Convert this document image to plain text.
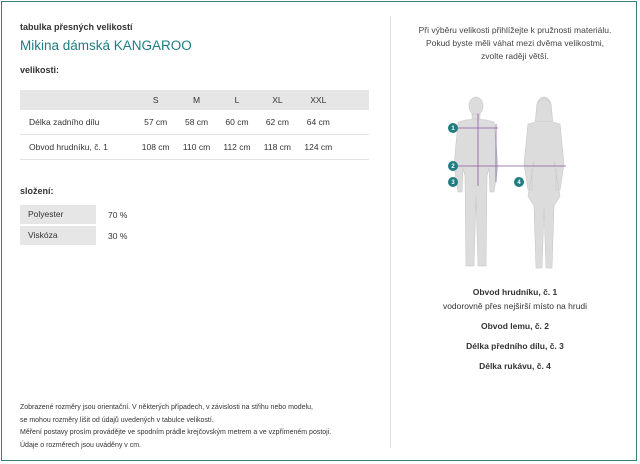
tabulka přesných velikostí
Mikina dámská KANGAROO
velikosti:
	S	M	L	XL	XXL	
Délka zadního dílu	57 cm	58 cm	60 cm	62 cm	64 cm	
Obvod hrudníku, č. 1	108 cm	110 cm	112 cm	118 cm	124 cm	
složení:
Polyester	70 %
Viskóza	30 %
Při výběru velikosti přihlížejte k pružnosti materiálu.
Pokud byste měli váhat mezi dvěma velikostmi,
zvolte raději větší.
1
2
3	4
Obvod hrudníku, č. 1
vodorovně přes nejširší místo na hrudi
Obvod lemu, č. 2
Délka předního dílu, č. 3
Délka rukávu, č. 4
Zobrazené rozměry jsou orientační. V některých případech, v závislosti na střihu nebo modelu,
se mohou rozměry lišit od údajů uvedených v tabulce velikostí.
Měření postavy prosím provádějte ve spodním prádle krejčovským metrem a ve vzpřímeném postoji.
Údaje o rozměrech jsou uváděny v cm.
